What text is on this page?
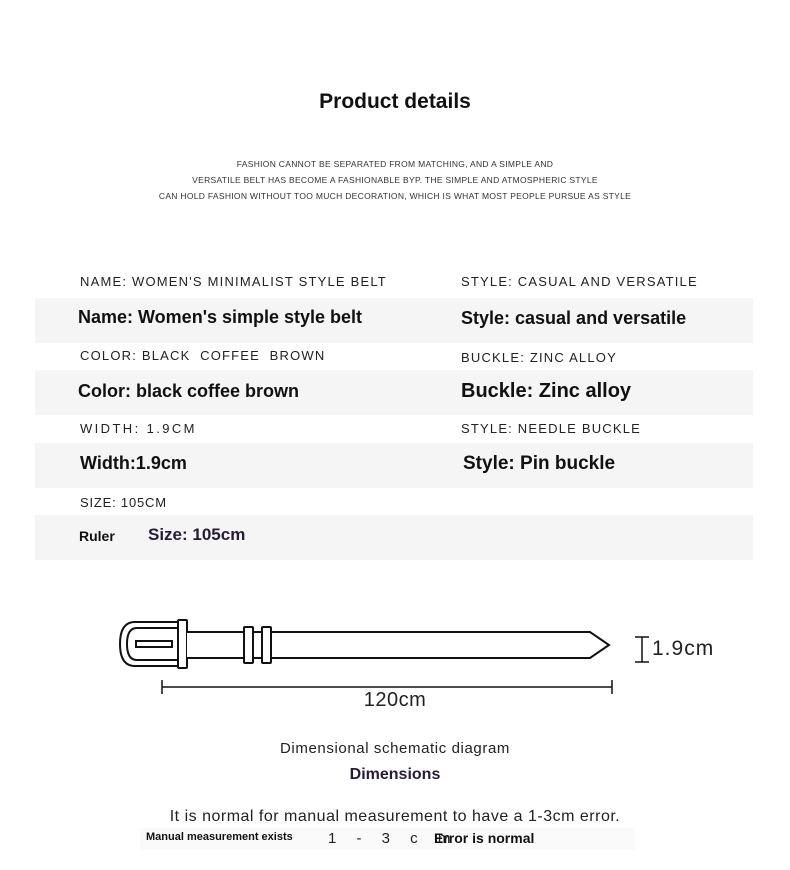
Product details
FASHION CANNOT BE SEPARATED FROM MATCHING, AND A SIMPLE AND
VERSATILE BELT HAS BECOME A FASHIONABLE BYP. THE SIMPLE AND ATMOSPHERIC STYLE
CAN HOLD FASHION WITHOUT TOO MUCH DECORATION, WHICH IS WHAT MOST PEOPLE PURSUE AS STYLE
NAME: WOMEN'S MINIMALIST STYLE BELT	STYLE: CASUAL AND VERSATILE
Name: Women's simple style belt	Style: casual and versatile
COLOR: BLACK  COFFEE  BROWN	BUCKLE: ZINC ALLOY
Color: black coffee brown	Buckle: Zinc alloy
WIDTH: 1.9CM	STYLE: NEEDLE BUCKLE
Width:1.9cm	Style: Pin buckle
SIZE: 105CM
Ruler Size: 105cm
1.9cm
120cm
Dimensional schematic diagram
Dimensions
It is normal for manual measurement to have a 1-3cm error.
Manual measurement exists 1 - 3 c m
Error is normal
